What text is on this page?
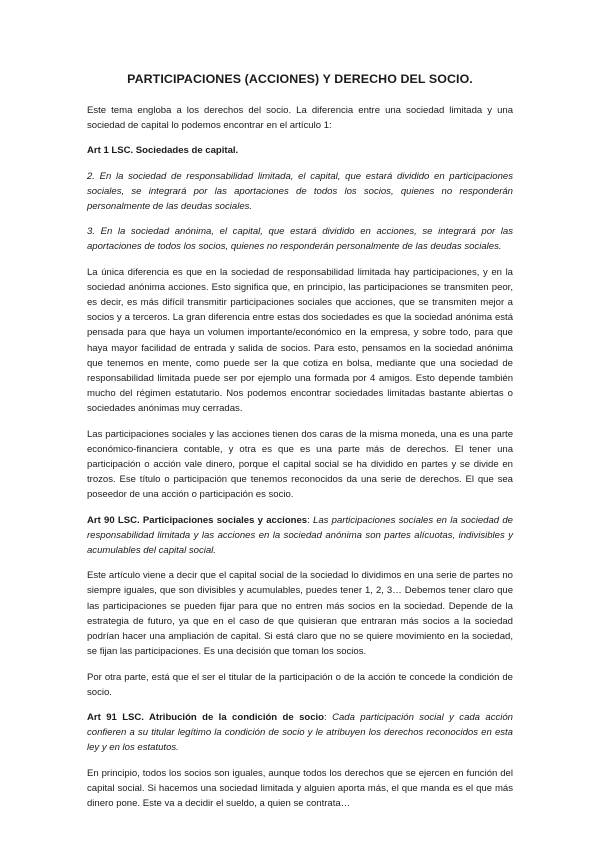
PARTICIPACIONES (ACCIONES) Y DERECHO DEL SOCIO.

Este tema engloba a los derechos del socio. La diferencia entre una sociedad limitada y una sociedad de capital lo podemos encontrar en el artículo 1:

Art 1 LSC. Sociedades de capital.

2. En la sociedad de responsabilidad limitada, el capital, que estará dividido en participaciones sociales, se integrará por las aportaciones de todos los socios, quienes no responderán personalmente de las deudas sociales.

3. En la sociedad anónima, el capital, que estará dividido en acciones, se integrará por las aportaciones de todos los socios, quienes no responderán personalmente de las deudas sociales.

La única diferencia es que en la sociedad de responsabilidad limitada hay participaciones, y en la sociedad anónima acciones. Esto significa que, en principio, las participaciones se transmiten peor, es decir, es más difícil transmitir participaciones sociales que acciones, que se transmiten mejor a socios y a terceros. La gran diferencia entre estas dos sociedades es que la sociedad anónima está pensada para que haya un volumen importante/económico en la empresa, y sobre todo, para que haya mayor facilidad de entrada y salida de socios. Para esto, pensamos en la sociedad anónima que tenemos en mente, como puede ser la que cotiza en bolsa, mediante que una sociedad de responsabilidad limitada puede ser por ejemplo una formada por 4 amigos. Esto depende también mucho del régimen estatutario. Nos podemos encontrar sociedades limitadas bastante abiertas o sociedades anónimas muy cerradas.

Las participaciones sociales y las acciones tienen dos caras de la misma moneda, una es una parte económico-financiera contable, y otra es que es una parte más de derechos. El tener una participación o acción vale dinero, porque el capital social se ha dividido en partes y se divide en trozos. Ese título o participación que tenemos reconocidos da una serie de derechos. El que sea poseedor de una acción o participación es socio.

Art 90 LSC. Participaciones sociales y acciones: Las participaciones sociales en la sociedad de responsabilidad limitada y las acciones en la sociedad anónima son partes alícuotas, indivisibles y acumulables del capital social.

Este artículo viene a decir que el capital social de la sociedad lo dividimos en una serie de partes no siempre iguales, que son divisibles y acumulables, puedes tener 1, 2, 3… Debemos tener claro que las participaciones se pueden fijar para que no entren más socios en la sociedad. Depende de la estrategia de futuro, ya que en el caso de que quisieran que entraran más socios a la sociedad podrían hacer una ampliación de capital. Si está claro que no se quiere movimiento en la sociedad, se fijan las participaciones. Es una decisión que toman los socios.

Por otra parte, está que el ser el titular de la participación o de la acción te concede la condición de socio.

Art 91 LSC. Atribución de la condición de socio: Cada participación social y cada acción confieren a su titular legítimo la condición de socio y le atribuyen los derechos reconocidos en esta ley y en los estatutos.

En principio, todos los socios son iguales, aunque todos los derechos que se ejercen en función del capital social. Si hacemos una sociedad limitada y alguien aporta más, el que manda es el que más dinero pone. Este va a decidir el sueldo, a quien se contrata…
